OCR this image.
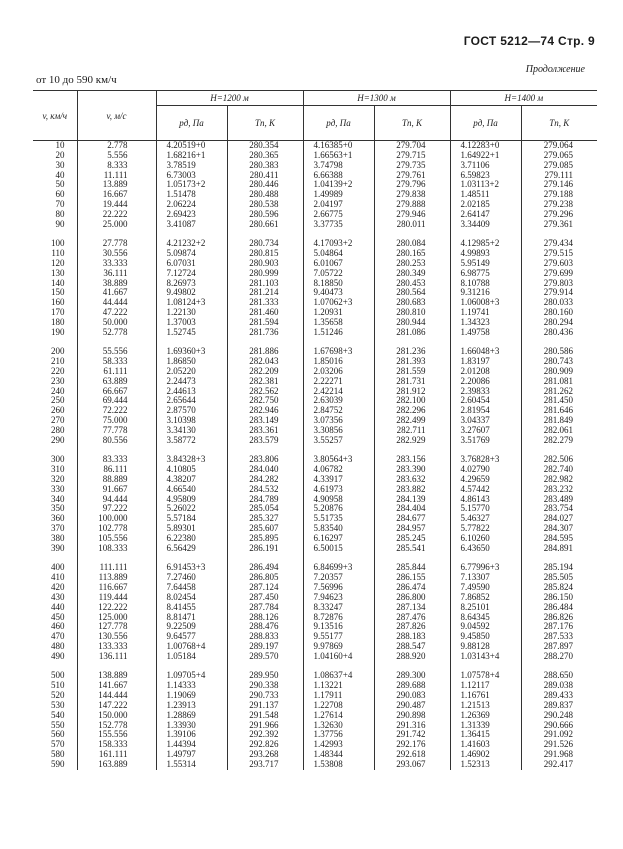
ГОСТ 5212—74 Стр. 9
Продолжение
от 10 до 590 км/ч
v, км/ч	v, м/с	H=1200 м		H=1300 м		H=1400 м	
		pд, Па	Tп, К	pд, Па	Tп, К	pд, Па	Tп, К
10	2.778	4.20519+0	280.354	4.16385+0	279.704	4.12283+0	279.064
20	5.556	1.68216+1	280.365	1.66563+1	279.715	1.64922+1	279.065
30	8.333	3.78519	280.383	3.74798	279.735	3.71106	279.085
40	11.111	6.73003	280.411	6.66388	279.761	6.59823	279.111
50	13.889	1.05173+2	280.446	1.04139+2	279.796	1.03113+2	279.146
60	16.667	1.51478	280.488	1.49989	279.838	1.48511	279.188
70	19.444	2.06224	280.538	2.04197	279.888	2.02185	279.238
80	22.222	2.69423	280.596	2.66775	279.946	2.64147	279.296
90	25.000	3.41087	280.661	3.37735	280.011	3.34409	279.361

100	27.778	4.21232+2	280.734	4.17093+2	280.084	4.12985+2	279.434
110	30.556	5.09874	280.815	5.04864	280.165	4.99893	279.515
120	33.333	6.07031	280.903	6.01067	280.253	5.95149	279.603
130	36.111	7.12724	280.999	7.05722	280.349	6.98775	279.699
140	38.889	8.26973	281.103	8.18850	280.453	8.10788	279.803
150	41.667	9.49802	281.214	9.40473	280.564	9.31216	279.914
160	44.444	1.08124+3	281.333	1.07062+3	280.683	1.06008+3	280.033
170	47.222	1.22130	281.460	1.20931	280.810	1.19741	280.160
180	50.000	1.37003	281.594	1.35658	280.944	1.34323	280.294
190	52.778	1.52745	281.736	1.51246	281.086	1.49758	280.436

200	55.556	1.69360+3	281.886	1.67698+3	281.236	1.66048+3	280.586
210	58.333	1.86850	282.043	1.85016	281.393	1.83197	280.743
220	61.111	2.05220	282.209	2.03206	281.559	2.01208	280.909
230	63.889	2.24473	282.381	2.22271	281.731	2.20086	281.081
240	66.667	2.44613	282.562	2.42214	281.912	2.39833	281.262
250	69.444	2.65644	282.750	2.63039	282.100	2.60454	281.450
260	72.222	2.87570	282.946	2.84752	282.296	2.81954	281.646
270	75.000	3.10398	283.149	3.07356	282.499	3.04337	281.849
280	77.778	3.34130	283.361	3.30856	282.711	3.27607	282.061
290	80.556	3.58772	283.579	3.55257	282.929	3.51769	282.279

300	83.333	3.84328+3	283.806	3.80564+3	283.156	3.76828+3	282.506
310	86.111	4.10805	284.040	4.06782	283.390	4.02790	282.740
320	88.889	4.38207	284.282	4.33917	283.632	4.29659	282.982
330	91.667	4.66540	284.532	4.61973	283.882	4.57442	283.232
340	94.444	4.95809	284.789	4.90958	284.139	4.86143	283.489
350	97.222	5.26022	285.054	5.20876	284.404	5.15770	283.754
360	100.000	5.57184	285.327	5.51735	284.677	5.46327	284.027
370	102.778	5.89301	285.607	5.83540	284.957	5.77822	284.307
380	105.556	6.22380	285.895	6.16297	285.245	6.10260	284.595
390	108.333	6.56429	286.191	6.50015	285.541	6.43650	284.891

400	111.111	6.91453+3	286.494	6.84699+3	285.844	6.77996+3	285.194
410	113.889	7.27460	286.805	7.20357	286.155	7.13307	285.505
420	116.667	7.64458	287.124	7.56996	286.474	7.49590	285.824
430	119.444	8.02454	287.450	7.94623	286.800	7.86852	286.150
440	122.222	8.41455	287.784	8.33247	287.134	8.25101	286.484
450	125.000	8.81471	288.126	8.72876	287.476	8.64345	286.826
460	127.778	9.22509	288.476	9.13516	287.826	9.04592	287.176
470	130.556	9.64577	288.833	9.55177	288.183	9.45850	287.533
480	133.333	1.00768+4	289.197	9.97869	288.547	9.88128	287.897
490	136.111	1.05184	289.570	1.04160+4	288.920	1.03143+4	288.270

500	138.889	1.09705+4	289.950	1.08637+4	289.300	1.07578+4	288.650
510	141.667	1.14333	290.338	1.13221	289.688	1.12117	289.038
520	144.444	1.19069	290.733	1.17911	290.083	1.16761	289.433
530	147.222	1.23913	291.137	1.22708	290.487	1.21513	289.837
540	150.000	1.28869	291.548	1.27614	290.898	1.26369	290.248
550	152.778	1.33930	291.966	1.32630	291.316	1.31339	290.666
560	155.556	1.39106	292.392	1.37756	291.742	1.36415	291.092
570	158.333	1.44394	292.826	1.42993	292.176	1.41603	291.526
580	161.111	1.49797	293.268	1.48344	292.618	1.46902	291.968
590	163.889	1.55314	293.717	1.53808	293.067	1.52313	292.417
